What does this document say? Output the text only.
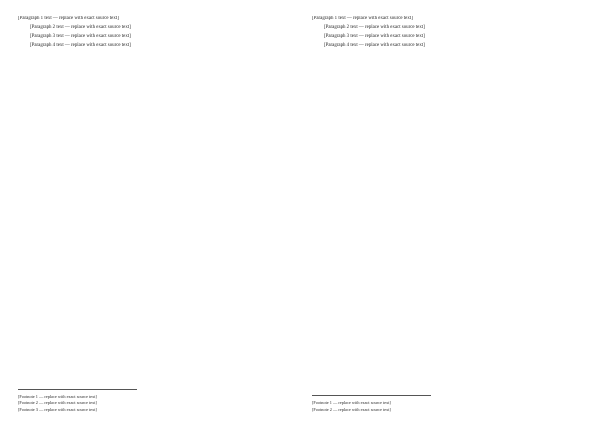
[Paragraph 1 text — replace with exact source text]

[Paragraph 2 text — replace with exact source text]

[Paragraph 3 text — replace with exact source text]

[Paragraph 4 text — replace with exact source text]

[Footnote 1 — replace with exact source text]

[Footnote 2 — replace with exact source text]

[Footnote 3 — replace with exact source text]

[Paragraph 1 text — replace with exact source text]

[Paragraph 2 text — replace with exact source text]

[Paragraph 3 text — replace with exact source text]

[Paragraph 4 text — replace with exact source text]

[Footnote 1 — replace with exact source text]

[Footnote 2 — replace with exact source text]
